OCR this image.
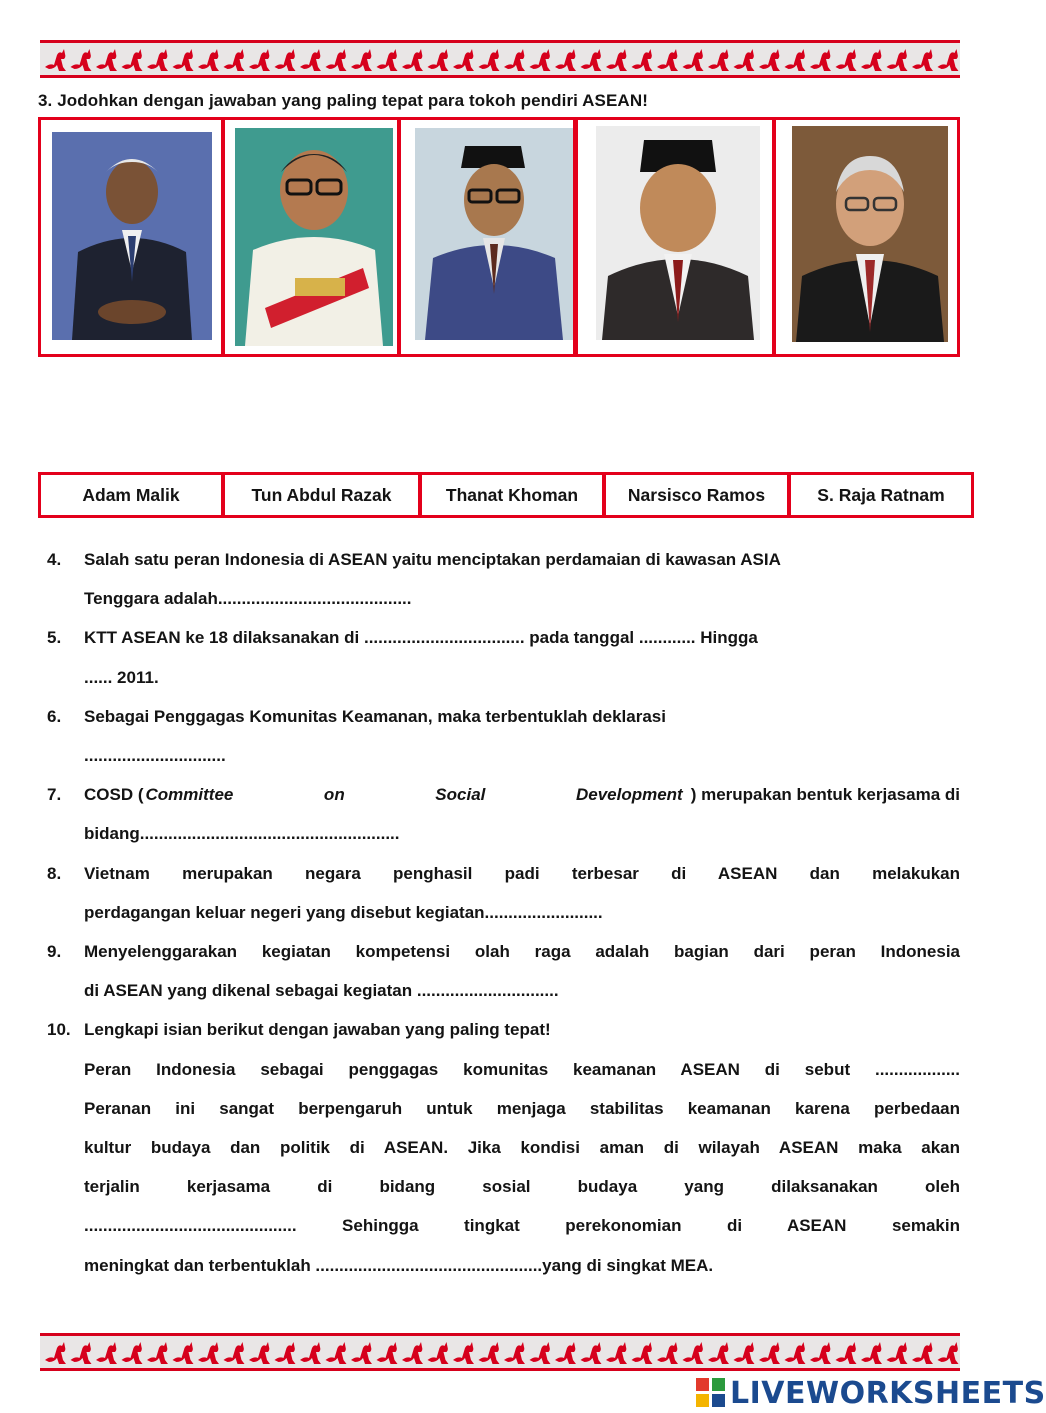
3. Jodohkan dengan jawaban yang paling tepat para tokoh pendiri ASEAN!
Adam Malik	Tun Abdul Razak	Thanat Khoman	Narsisco Ramos	S. Raja Ratnam
4. Salah satu peran Indonesia di ASEAN yaitu menciptakan perdamaian di kawasan ASIA
Tenggara adalah.........................................
5. KTT ASEAN ke 18 dilaksanakan di .................................. pada tanggal ............ Hingga
...... 2011.
6. Sebagai Penggagas Komunitas Keamanan, maka terbentuklah deklarasi
..............................
7. COSD ( Committee on Social Development ) merupakan bentuk kerjasama di
bidang.......................................................
8. Vietnam merupakan negara penghasil padi terbesar di ASEAN dan melakukan
perdagangan keluar negeri yang disebut kegiatan.........................
9. Menyelenggarakan kegiatan kompetensi olah raga adalah bagian dari peran Indonesia
di ASEAN yang dikenal sebagai kegiatan ..............................
10. Lengkapi isian berikut dengan jawaban yang paling tepat!
Peran Indonesia sebagai penggagas komunitas keamanan ASEAN di sebut ..................
Peranan ini sangat berpengaruh untuk menjaga stabilitas keamanan karena perbedaan
kultur budaya dan politik di ASEAN. Jika kondisi aman di wilayah ASEAN maka akan
terjalin kerjasama di bidang sosial budaya yang dilaksanakan oleh
............................................. Sehingga tingkat perekonomian di ASEAN semakin
meningkat dan terbentuklah ................................................yang di singkat MEA.
LIVEWORKSHEETS
